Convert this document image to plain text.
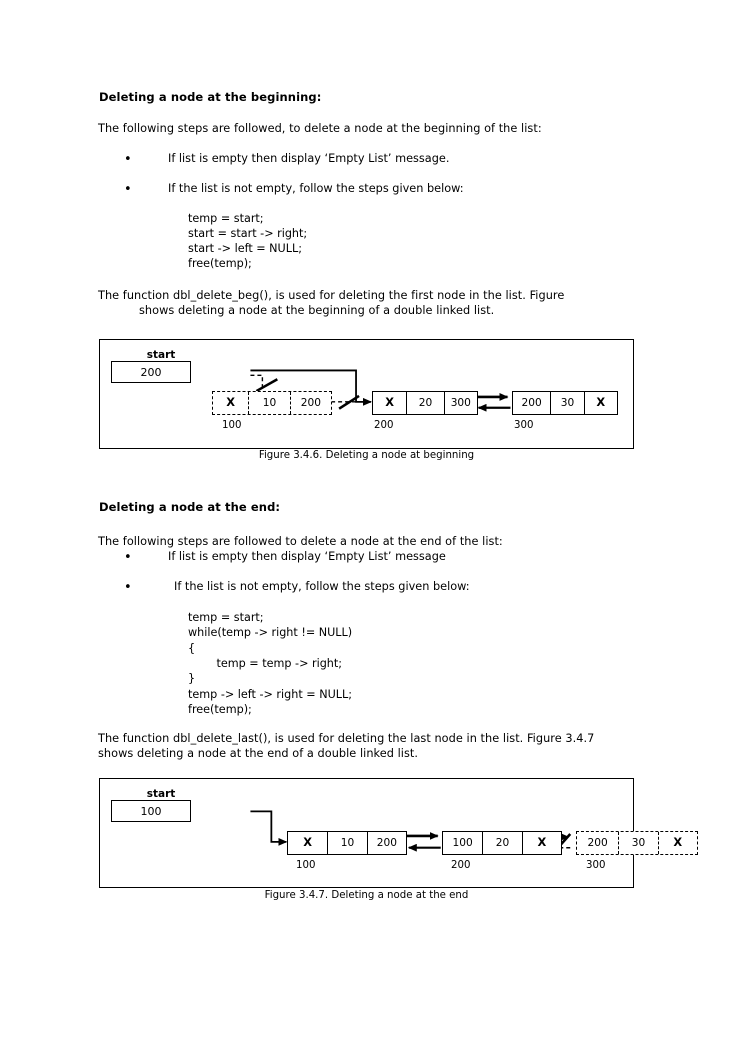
Deleting a node at the beginning:
The following steps are followed, to delete a node at the beginning of the list:
•	If list is empty then display ‘Empty List’ message.
•	If the list is not empty, follow the steps given below:
temp = start;
start = start -> right;
start -> left = NULL;
free(temp);
The function dbl_delete_beg(), is used for deleting the first node in the list. Figure
shows deleting a node at the beginning of a double linked list.
start
200
X	10	200
100
X	20	300
200
200	30	X
300
Figure 3.4.6. Deleting a node at beginning
Deleting a node at the end:
The following steps are followed to delete a node at the end of the list:
•	If list is empty then display ‘Empty List’ message
•	If the list is not empty, follow the steps given below:
temp = start;
while(temp -> right != NULL)
{
temp = temp -> right;
}
temp -> left -> right = NULL;
free(temp);
The function dbl_delete_last(), is used for deleting the last node in the list. Figure 3.4.7
shows deleting a node at the end of a double linked list.
start
100
X	10	200
100
100	20	X
200
200	30	X
300
Figure 3.4.7. Deleting a node at the end
